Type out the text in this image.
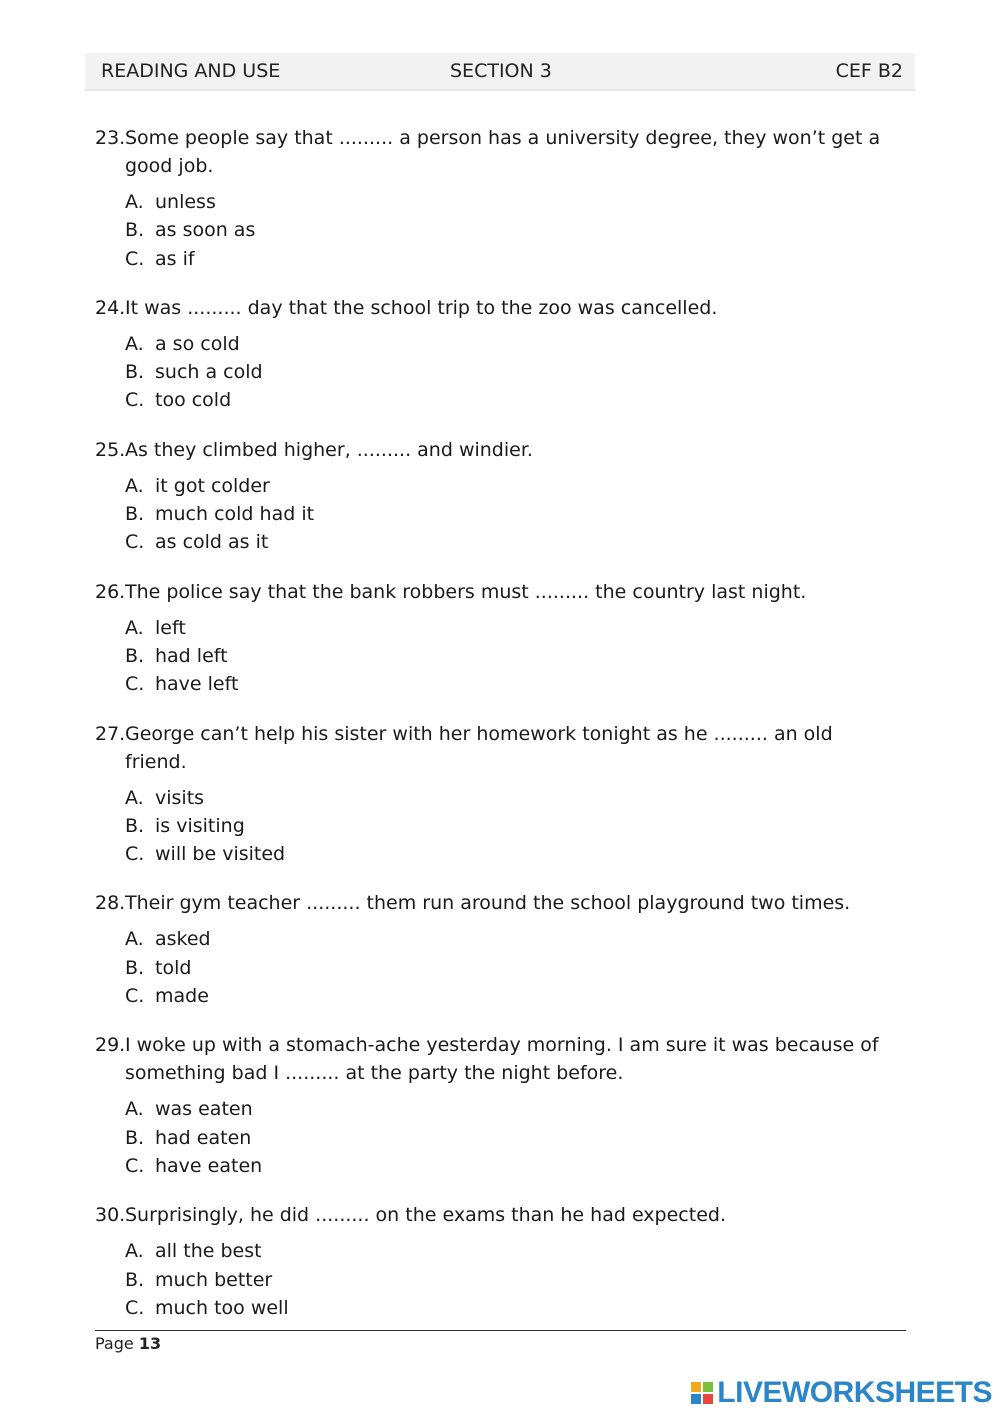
READING AND USE	SECTION 3	CEF B2
23. Some people say that ......... a person has a university degree, they won’t get a good job.
A. unless
B. as soon as
C. as if
24. It was ......... day that the school trip to the zoo was cancelled.
A. a so cold
B. such a cold
C. too cold
25. As they climbed higher, ......... and windier.
A. it got colder
B. much cold had it
C. as cold as it
26. The police say that the bank robbers must ......... the country last night.
A. left
B. had left
C. have left
27. George can’t help his sister with her homework tonight as he ......... an old friend.
A. visits
B. is visiting
C. will be visited
28. Their gym teacher ......... them run around the school playground two times.
A. asked
B. told
C. made
29. I woke up with a stomach-ache yesterday morning. I am sure it was because of something bad I ......... at the party the night before.
A. was eaten
B. had eaten
C. have eaten
30. Surprisingly, he did ......... on the exams than he had expected.
A. all the best
B. much better
C. much too well
Page 13
LIVEWORKSHEETS
